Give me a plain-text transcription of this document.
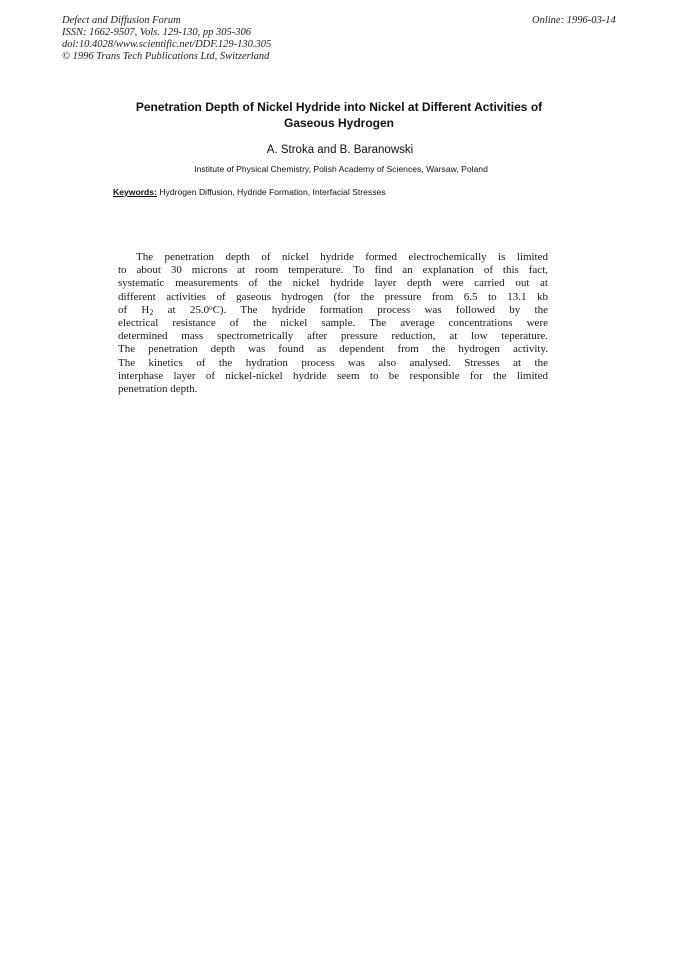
Defect and Diffusion Forum
ISSN: 1662-9507, Vols. 129-130, pp 305-306
doi:10.4028/www.scientific.net/DDF.129-130.305
© 1996 Trans Tech Publications Ltd, Switzerland
Online: 1996-03-14
Penetration Depth of Nickel Hydride into Nickel at Different Activities of
Gaseous Hydrogen
A. Stroka and B. Baranowski
Institute of Physical Chemistry, Polish Academy of Sciences, Warsaw, Poland
Keywords: Hydrogen Diffusion, Hydride Formation, Interfacial Stresses
The penetration depth of nickel hydride formed electrochemically is limited
to about 30 microns at room temperature. To find an explanation of this fact,
systematic measurements of the nickel hydride layer depth were carried out at
different activities of gaseous hydrogen (for the pressure from 6.5 to 13.1 kb
of $H_2$ at 25.0$^o$C). The hydride formation process was followed by the
electrical resistance of the nickel sample. The average concentrations were
determined mass spectrometrically after pressure reduction, at low teperature.
The penetration depth was found as dependent from the hydrogen activity.
The kinetics of the hydration process was also analysed. Stresses at the
interphase layer of nickel-nickel hydride seem to be responsible for the limited
penetration depth.
